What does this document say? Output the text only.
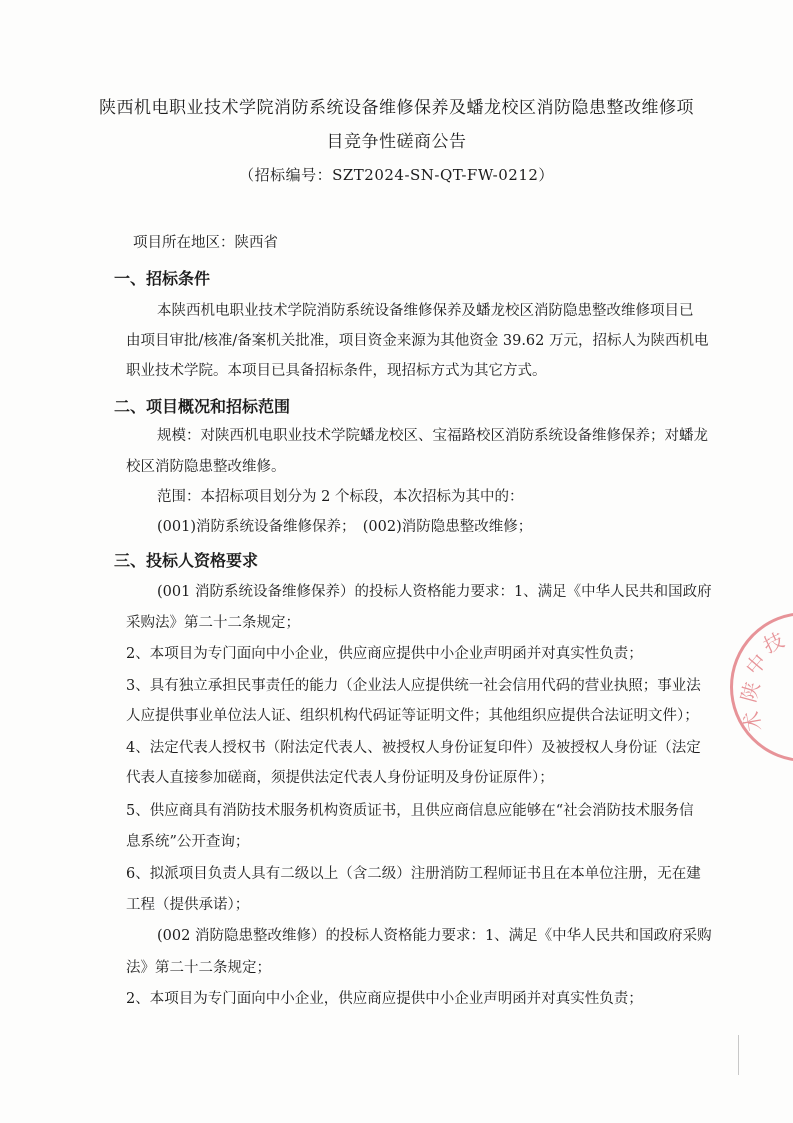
陕西机电职业技术学院消防系统设备维修保养及蟠龙校区消防隐患整改维修项
目竞争性磋商公告
（招标编号：SZT2024-SN-QT-FW-0212）
项目所在地区：陕西省
一、招标条件
本陕西机电职业技术学院消防系统设备维修保养及蟠龙校区消防隐患整改维修项目已
由项目审批/核准/备案机关批准，项目资金来源为其他资金 39.62 万元，招标人为陕西机电
职业技术学院。本项目已具备招标条件，现招标方式为其它方式。
二、项目概况和招标范围
规模：对陕西机电职业技术学院蟠龙校区、宝福路校区消防系统设备维修保养；对蟠龙
校区消防隐患整改维修。
范围：本招标项目划分为 2 个标段，本次招标为其中的：
(001)消防系统设备维修保养；　(002)消防隐患整改维修；
三、投标人资格要求
(001 消防系统设备维修保养）的投标人资格能力要求：1、满足《中华人民共和国政府
采购法》第二十二条规定；
2、本项目为专门面向中小企业，供应商应提供中小企业声明函并对真实性负责；
3、具有独立承担民事责任的能力（企业法人应提供统一社会信用代码的营业执照；事业法
人应提供事业单位法人证、组织机构代码证等证明文件；其他组织应提供合法证明文件）；
4、法定代表人授权书（附法定代表人、被授权人身份证复印件）及被授权人身份证（法定
代表人直接参加磋商，须提供法定代表人身份证明及身份证原件）；
5、供应商具有消防技术服务机构资质证书，且供应商信息应能够在“社会消防技术服务信
息系统”公开查询；
6、拟派项目负责人具有二级以上（含二级）注册消防工程师证书且在本单位注册，无在建
工程（提供承诺）；
(002 消防隐患整改维修）的投标人资格能力要求：1、满足《中华人民共和国政府采购
法》第二十二条规定；
2、本项目为专门面向中小企业，供应商应提供中小企业声明函并对真实性负责；
陕
中
技
术
